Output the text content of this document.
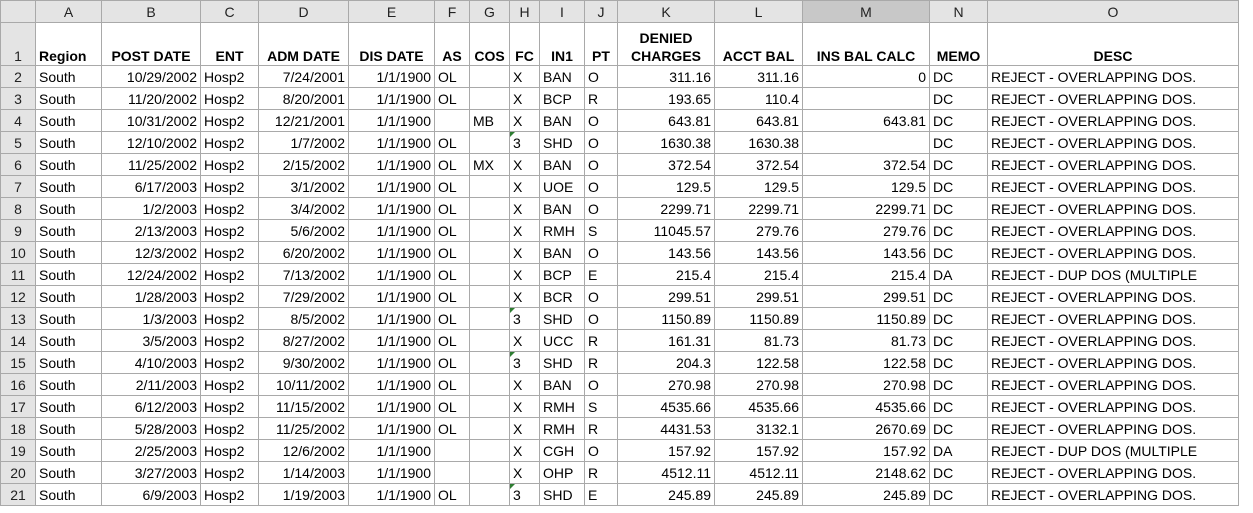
	A	B	C	D	E	F	G	H	I	J	K	L	M	N	O
1	Region	POST DATE	ENT	ADM DATE	DIS DATE	AS	COS	FC	IN1	PT	DENIED CHARGES	ACCT BAL	INS BAL CALC	MEMO	DESC
2	South	10/29/2002	Hosp2	7/24/2001	1/1/1900	OL		X	BAN	O	311.16	311.16	0	DC	REJECT - OVERLAPPING DOS.
3	South	11/20/2002	Hosp2	8/20/2001	1/1/1900	OL		X	BCP	R	193.65	110.4		DC	REJECT - OVERLAPPING DOS.
4	South	10/31/2002	Hosp2	12/21/2001	1/1/1900		MB	X	BAN	O	643.81	643.81	643.81	DC	REJECT - OVERLAPPING DOS.
5	South	12/10/2002	Hosp2	1/7/2002	1/1/1900	OL		3	SHD	O	1630.38	1630.38		DC	REJECT - OVERLAPPING DOS.
6	South	11/25/2002	Hosp2	2/15/2002	1/1/1900	OL	MX	X	BAN	O	372.54	372.54	372.54	DC	REJECT - OVERLAPPING DOS.
7	South	6/17/2003	Hosp2	3/1/2002	1/1/1900	OL		X	UOE	O	129.5	129.5	129.5	DC	REJECT - OVERLAPPING DOS.
8	South	1/2/2003	Hosp2	3/4/2002	1/1/1900	OL		X	BAN	O	2299.71	2299.71	2299.71	DC	REJECT - OVERLAPPING DOS.
9	South	2/13/2003	Hosp2	5/6/2002	1/1/1900	OL		X	RMH	S	11045.57	279.76	279.76	DC	REJECT - OVERLAPPING DOS.
10	South	12/3/2002	Hosp2	6/20/2002	1/1/1900	OL		X	BAN	O	143.56	143.56	143.56	DC	REJECT - OVERLAPPING DOS.
11	South	12/24/2002	Hosp2	7/13/2002	1/1/1900	OL		X	BCP	E	215.4	215.4	215.4	DA	REJECT - DUP DOS (MULTIPLE
12	South	1/28/2003	Hosp2	7/29/2002	1/1/1900	OL		X	BCR	O	299.51	299.51	299.51	DC	REJECT - OVERLAPPING DOS.
13	South	1/3/2003	Hosp2	8/5/2002	1/1/1900	OL		3	SHD	O	1150.89	1150.89	1150.89	DC	REJECT - OVERLAPPING DOS.
14	South	3/5/2003	Hosp2	8/27/2002	1/1/1900	OL		X	UCC	R	161.31	81.73	81.73	DC	REJECT - OVERLAPPING DOS.
15	South	4/10/2003	Hosp2	9/30/2002	1/1/1900	OL		3	SHD	R	204.3	122.58	122.58	DC	REJECT - OVERLAPPING DOS.
16	South	2/11/2003	Hosp2	10/11/2002	1/1/1900	OL		X	BAN	O	270.98	270.98	270.98	DC	REJECT - OVERLAPPING DOS.
17	South	6/12/2003	Hosp2	11/15/2002	1/1/1900	OL		X	RMH	S	4535.66	4535.66	4535.66	DC	REJECT - OVERLAPPING DOS.
18	South	5/28/2003	Hosp2	11/25/2002	1/1/1900	OL		X	RMH	R	4431.53	3132.1	2670.69	DC	REJECT - OVERLAPPING DOS.
19	South	2/25/2003	Hosp2	12/6/2002	1/1/1900			X	CGH	O	157.92	157.92	157.92	DA	REJECT - DUP DOS (MULTIPLE
20	South	3/27/2003	Hosp2	1/14/2003	1/1/1900			X	OHP	R	4512.11	4512.11	2148.62	DC	REJECT - OVERLAPPING DOS.
21	South	6/9/2003	Hosp2	1/19/2003	1/1/1900	OL		3	SHD	E	245.89	245.89	245.89	DC	REJECT - OVERLAPPING DOS.
